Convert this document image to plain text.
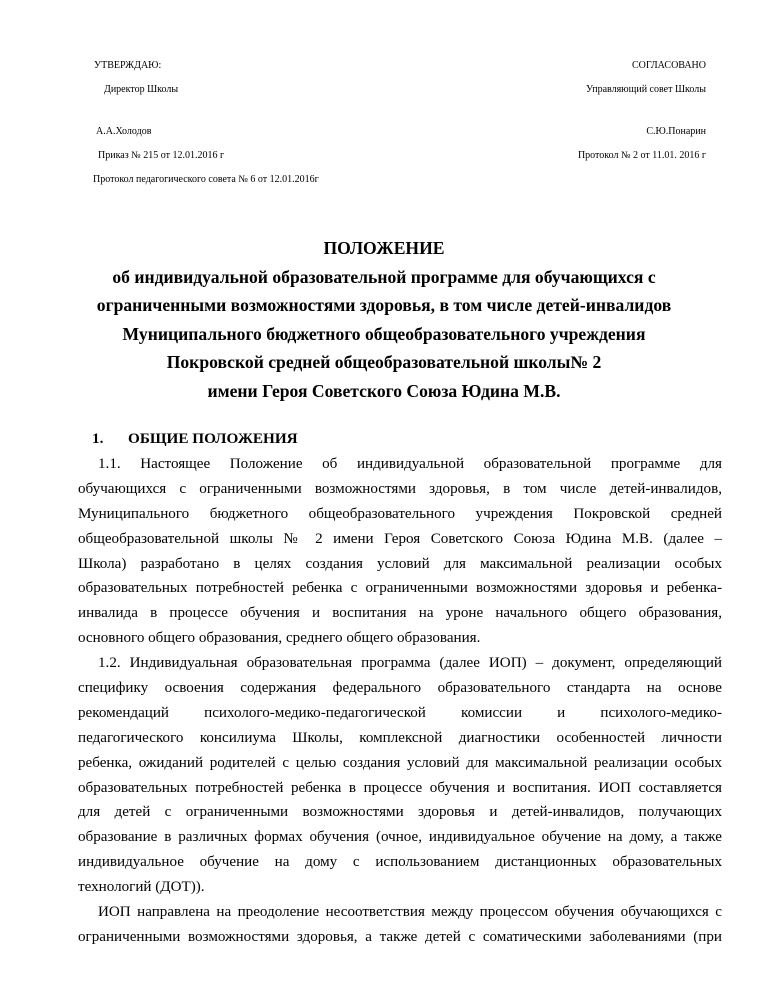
УТВЕРЖДАЮ:
Директор Школы
А.А.Холодов
Приказ № 215 от 12.01.2016 г
Протокол педагогического совета № 6 от 12.01.2016г
СОГЛАСОВАНО
Управляющий совет Школы
С.Ю.Понарин
Протокол № 2 от 11.01. 2016 г
ПОЛОЖЕНИЕ
об индивидуальной образовательной программе для обучающихся с
ограниченными возможностями здоровья, в том числе детей-инвалидов
Муниципального бюджетного общеобразовательного учреждения
Покровской средней общеобразовательной школы№ 2
имени Героя Советского Союза Юдина М.В.
1. ОБЩИЕ ПОЛОЖЕНИЯ
1.1. Настоящее Положение об индивидуальной образовательной программе для
обучающихся с ограниченными возможностями здоровья, в том числе детей-инвалидов,
Муниципального бюджетного общеобразовательного учреждения Покровской средней
общеобразовательной школы № 2 имени Героя Советского Союза Юдина М.В. (далее –
Школа) разработано в целях создания условий для максимальной реализации особых
образовательных потребностей ребенка с ограниченными возможностями здоровья и ребенка-
инвалида в процессе обучения и воспитания на уроне начального общего образования,
основного общего образования, среднего общего образования.
1.2. Индивидуальная образовательная программа (далее ИОП) – документ, определяющий
специфику освоения содержания федерального образовательного стандарта на основе
рекомендаций психолого-медико-педагогической комиссии и психолого-медико-
педагогического консилиума Школы, комплексной диагностики особенностей личности
ребенка, ожиданий родителей с целью создания условий для максимальной реализации особых
образовательных потребностей ребенка в процессе обучения и воспитания. ИОП составляется
для детей с ограниченными возможностями здоровья и детей-инвалидов, получающих
образование в различных формах обучения (очное, индивидуальное обучение на дому, а также
индивидуальное обучение на дому с использованием дистанционных образовательных
технологий (ДОТ)).
ИОП направлена на преодоление несоответствия между процессом обучения обучающихся с
ограниченными возможностями здоровья, а также детей с соматическими заболеваниями (при
